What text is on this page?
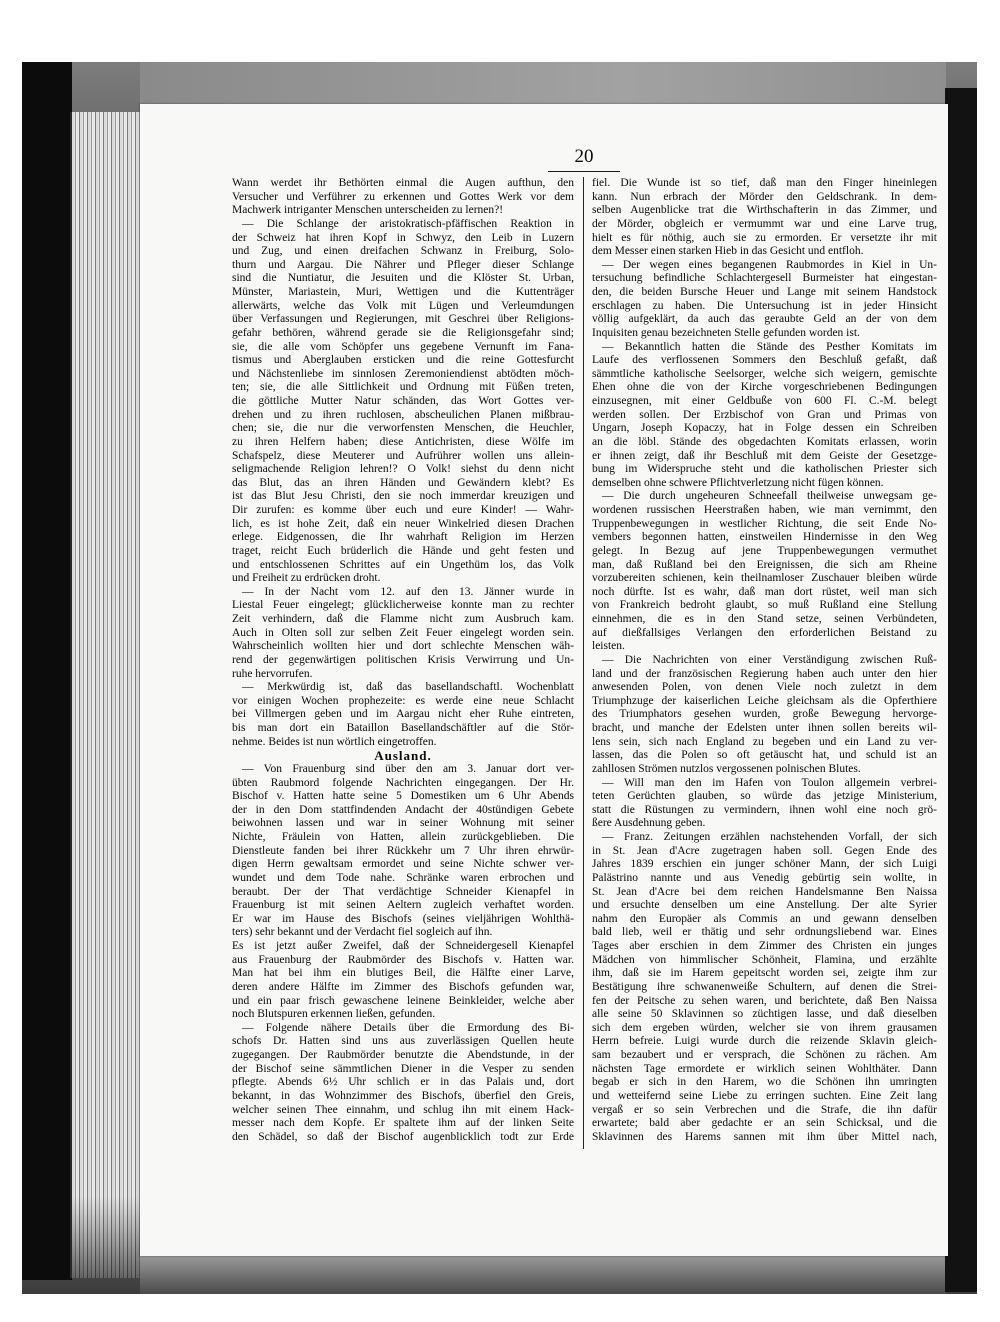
20
Wann werdet ihr Bethörten einmal die Augen aufthun, den
Versucher und Verführer zu erkennen und Gottes Werk vor dem
Machwerk intriganter Menschen unterscheiden zu lernen?!
— Die Schlange der aristokratisch-pfäffischen Reaktion in
der Schweiz hat ihren Kopf in Schwyz, den Leib in Luzern
und Zug, und einen dreifachen Schwanz in Freiburg, Solo-
thurn und Aargau. Die Nährer und Pfleger dieser Schlange
sind die Nuntiatur, die Jesuiten und die Klöster St. Urban,
Münster, Mariastein, Muri, Wettigen und die Kuttenträger
allerwärts, welche das Volk mit Lügen und Verleumdungen
über Verfassungen und Regierungen, mit Geschrei über Religions-
gefahr bethören, während gerade sie die Religionsgefahr sind;
sie, die alle vom Schöpfer uns gegebene Vernunft im Fana-
tismus und Aberglauben ersticken und die reine Gottesfurcht
und Nächstenliebe im sinnlosen Zeremoniendienst abtödten möch-
ten; sie, die alle Sittlichkeit und Ordnung mit Füßen treten,
die göttliche Mutter Natur schänden, das Wort Gottes ver-
drehen und zu ihren ruchlosen, abscheulichen Planen mißbrau-
chen; sie, die nur die verworfensten Menschen, die Heuchler,
zu ihren Helfern haben; diese Antichristen, diese Wölfe im
Schafspelz, diese Meuterer und Aufrührer wollen uns allein-
seligmachende Religion lehren!? O Volk! siehst du denn nicht
das Blut, das an ihren Händen und Gewändern klebt? Es
ist das Blut Jesu Christi, den sie noch immerdar kreuzigen und
Dir zurufen: es komme über euch und eure Kinder! — Wahr-
lich, es ist hohe Zeit, daß ein neuer Winkelried diesen Drachen
erlege. Eidgenossen, die Ihr wahrhaft Religion im Herzen
traget, reicht Euch brüderlich die Hände und geht festen und
und entschlossenen Schrittes auf ein Ungethüm los, das Volk
und Freiheit zu erdrücken droht.
— In der Nacht vom 12. auf den 13. Jänner wurde in
Liestal Feuer eingelegt; glücklicherweise konnte man zu rechter
Zeit verhindern, daß die Flamme nicht zum Ausbruch kam.
Auch in Olten soll zur selben Zeit Feuer eingelegt worden sein.
Wahrscheinlich wollten hier und dort schlechte Menschen wäh-
rend der gegenwärtigen politischen Krisis Verwirrung und Un-
ruhe hervorrufen.
— Merkwürdig ist, daß das basellandschaftl. Wochenblatt
vor einigen Wochen prophezeite: es werde eine neue Schlacht
bei Villmergen geben und im Aargau nicht eher Ruhe eintreten,
bis man dort ein Bataillon Basellandschäftler auf die Stör-
nehme. Beides ist nun wörtlich eingetroffen.
Ausland.
— Von Frauenburg sind über den am 3. Januar dort ver-
übten Raubmord folgende Nachrichten eingegangen. Der Hr.
Bischof v. Hatten hatte seine 5 Domestiken um 6 Uhr Abends
der in den Dom stattfindenden Andacht der 40stündigen Gebete
beiwohnen lassen und war in seiner Wohnung mit seiner
Nichte, Fräulein von Hatten, allein zurückgeblieben. Die
Dienstleute fanden bei ihrer Rückkehr um 7 Uhr ihren ehrwür-
digen Herrn gewaltsam ermordet und seine Nichte schwer ver-
wundet und dem Tode nahe. Schränke waren erbrochen und
beraubt. Der der That verdächtige Schneider Kienapfel in
Frauenburg ist mit seinen Aeltern zugleich verhaftet worden.
Er war im Hause des Bischofs (seines vieljährigen Wohlthä-
ters) sehr bekannt und der Verdacht fiel sogleich auf ihn.
Es ist jetzt außer Zweifel, daß der Schneidergesell Kienapfel
aus Frauenburg der Raubmörder des Bischofs v. Hatten war.
Man hat bei ihm ein blutiges Beil, die Hälfte einer Larve,
deren andere Hälfte im Zimmer des Bischofs gefunden war,
und ein paar frisch gewaschene leinene Beinkleider, welche aber
noch Blutspuren erkennen ließen, gefunden.
— Folgende nähere Details über die Ermordung des Bi-
schofs Dr. Hatten sind uns aus zuverlässigen Quellen heute
zugegangen. Der Raubmörder benutzte die Abendstunde, in der
der Bischof seine sämmtlichen Diener in die Vesper zu senden
pflegte. Abends 6½ Uhr schlich er in das Palais und, dort
bekannt, in das Wohnzimmer des Bischofs, überfiel den Greis,
welcher seinen Thee einnahm, und schlug ihn mit einem Hack-
messer nach dem Kopfe. Er spaltete ihm auf der linken Seite
den Schädel, so daß der Bischof augenblicklich todt zur Erde
fiel. Die Wunde ist so tief, daß man den Finger hineinlegen
kann. Nun erbrach der Mörder den Geldschrank. In dem-
selben Augenblicke trat die Wirthschafterin in das Zimmer, und
der Mörder, obgleich er vermummt war und eine Larve trug,
hielt es für nöthig, auch sie zu ermorden. Er versetzte ihr mit
dem Messer einen starken Hieb in das Gesicht und entfloh.
— Der wegen eines begangenen Raubmordes in Kiel in Un-
tersuchung befindliche Schlachtergesell Burmeister hat eingestan-
den, die beiden Bursche Heuer und Lange mit seinem Handstock
erschlagen zu haben. Die Untersuchung ist in jeder Hinsicht
völlig aufgeklärt, da auch das geraubte Geld an der von dem
Inquisiten genau bezeichneten Stelle gefunden worden ist.
— Bekanntlich hatten die Stände des Pesther Komitats im
Laufe des verflossenen Sommers den Beschluß gefaßt, daß
sämmtliche katholische Seelsorger, welche sich weigern, gemischte
Ehen ohne die von der Kirche vorgeschriebenen Bedingungen
einzusegnen, mit einer Geldbuße von 600 Fl. C.-M. belegt
werden sollen. Der Erzbischof von Gran und Primas von
Ungarn, Joseph Kopaczy, hat in Folge dessen ein Schreiben
an die löbl. Stände des obgedachten Komitats erlassen, worin
er ihnen zeigt, daß ihr Beschluß mit dem Geiste der Gesetzge-
bung im Widerspruche steht und die katholischen Priester sich
demselben ohne schwere Pflichtverletzung nicht fügen können.
— Die durch ungeheuren Schneefall theilweise unwegsam ge-
wordenen russischen Heerstraßen haben, wie man vernimmt, den
Truppenbewegungen in westlicher Richtung, die seit Ende No-
vembers begonnen hatten, einstweilen Hindernisse in den Weg
gelegt. In Bezug auf jene Truppenbewegungen vermuthet
man, daß Rußland bei den Ereignissen, die sich am Rheine
vorzubereiten schienen, kein theilnamloser Zuschauer bleiben würde
noch dürfte. Ist es wahr, daß man dort rüstet, weil man sich
von Frankreich bedroht glaubt, so muß Rußland eine Stellung
einnehmen, die es in den Stand setze, seinen Verbündeten,
auf dießfallsiges Verlangen den erforderlichen Beistand zu
leisten.
— Die Nachrichten von einer Verständigung zwischen Ruß-
land und der französischen Regierung haben auch unter den hier
anwesenden Polen, von denen Viele noch zuletzt in dem
Triumphzuge der kaiserlichen Leiche gleichsam als die Opferthiere
des Triumphators gesehen wurden, große Bewegung hervorge-
bracht, und manche der Edelsten unter ihnen sollen bereits wil-
lens sein, sich nach England zu begeben und ein Land zu ver-
lassen, das die Polen so oft getäuscht hat, und schuld ist an
zahllosen Strömen nutzlos vergossenen polnischen Blutes.
— Will man den im Hafen von Toulon allgemein verbrei-
teten Gerüchten glauben, so würde das jetzige Ministerium,
statt die Rüstungen zu vermindern, ihnen wohl eine noch grö-
ßere Ausdehnung geben.
— Franz. Zeitungen erzählen nachstehenden Vorfall, der sich
in St. Jean d'Acre zugetragen haben soll. Gegen Ende des
Jahres 1839 erschien ein junger schöner Mann, der sich Luigi
Palästrino nannte und aus Venedig gebürtig sein wollte, in
St. Jean d'Acre bei dem reichen Handelsmanne Ben Naissa
und ersuchte denselben um eine Anstellung. Der alte Syrier
nahm den Europäer als Commis an und gewann denselben
bald lieb, weil er thätig und sehr ordnungsliebend war. Eines
Tages aber erschien in dem Zimmer des Christen ein junges
Mädchen von himmlischer Schönheit, Flamina, und erzählte
ihm, daß sie im Harem gepeitscht worden sei, zeigte ihm zur
Bestätigung ihre schwanenweiße Schultern, auf denen die Strei-
fen der Peitsche zu sehen waren, und berichtete, daß Ben Naissa
alle seine 50 Sklavinnen so züchtigen lasse, und daß dieselben
sich dem ergeben würden, welcher sie von ihrem grausamen
Herrn befreie. Luigi wurde durch die reizende Sklavin gleich-
sam bezaubert und er versprach, die Schönen zu rächen. Am
nächsten Tage ermordete er wirklich seinen Wohlthäter. Dann
begab er sich in den Harem, wo die Schönen ihn umringten
und wetteifernd seine Liebe zu erringen suchten. Eine Zeit lang
vergaß er so sein Verbrechen und die Strafe, die ihn dafür
erwartete; bald aber gedachte er an sein Schicksal, und die
Sklavinnen des Harems sannen mit ihm über Mittel nach,
